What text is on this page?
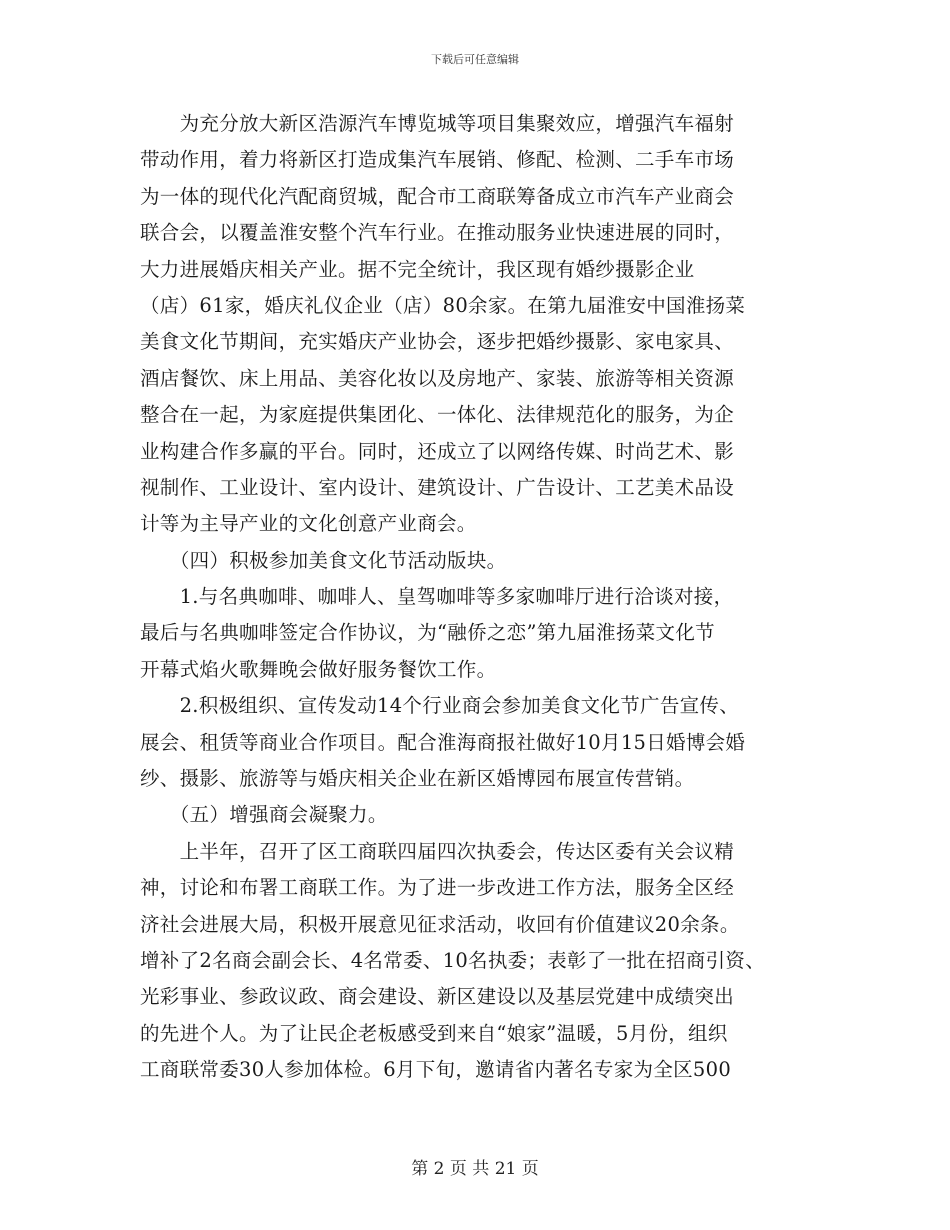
下载后可任意编辑
　　为充分放大新区浩源汽车博览城等项目集聚效应，增强汽车福射
带动作用，着力将新区打造成集汽车展销、修配、检测、二手车市场
为一体的现代化汽配商贸城，配合市工商联筹备成立市汽车产业商会
联合会，以覆盖淮安整个汽车行业。在推动服务业快速进展的同时，
大力进展婚庆相关产业。据不完全统计，我区现有婚纱摄影企业
（店）61家，婚庆礼仪企业（店）80余家。在第九届淮安中国淮扬菜
美食文化节期间，充实婚庆产业协会，逐步把婚纱摄影、家电家具、
酒店餐饮、床上用品、美容化妆以及房地产、家装、旅游等相关资源
整合在一起，为家庭提供集团化、一体化、法律规范化的服务，为企
业构建合作多赢的平台。同时，还成立了以网络传媒、时尚艺术、影
视制作、工业设计、室内设计、建筑设计、广告设计、工艺美术品设
计等为主导产业的文化创意产业商会。
　　（四）积极参加美食文化节活动版块。
　　1.与名典咖啡、咖啡人、皇驾咖啡等多家咖啡厅进行洽谈对接，
最后与名典咖啡签定合作协议，为“融侨之恋”第九届淮扬菜文化节
开幕式焰火歌舞晚会做好服务餐饮工作。
　　2.积极组织、宣传发动14个行业商会参加美食文化节广告宣传、
展会、租赁等商业合作项目。配合淮海商报社做好10月15日婚博会婚
纱、摄影、旅游等与婚庆相关企业在新区婚博园布展宣传营销。
　　（五）增强商会凝聚力。
　　上半年，召开了区工商联四届四次执委会，传达区委有关会议精
神，讨论和布署工商联工作。为了进一步改进工作方法，服务全区经
济社会进展大局，积极开展意见征求活动，收回有价值建议20余条。
增补了2名商会副会长、4名常委、10名执委；表彰了一批在招商引资、
光彩事业、参政议政、商会建设、新区建设以及基层党建中成绩突出
的先进个人。为了让民企老板感受到来自“娘家”温暖，5月份，组织
工商联常委30人参加体检。6月下旬，邀请省内著名专家为全区500
第 2 页 共 21 页
